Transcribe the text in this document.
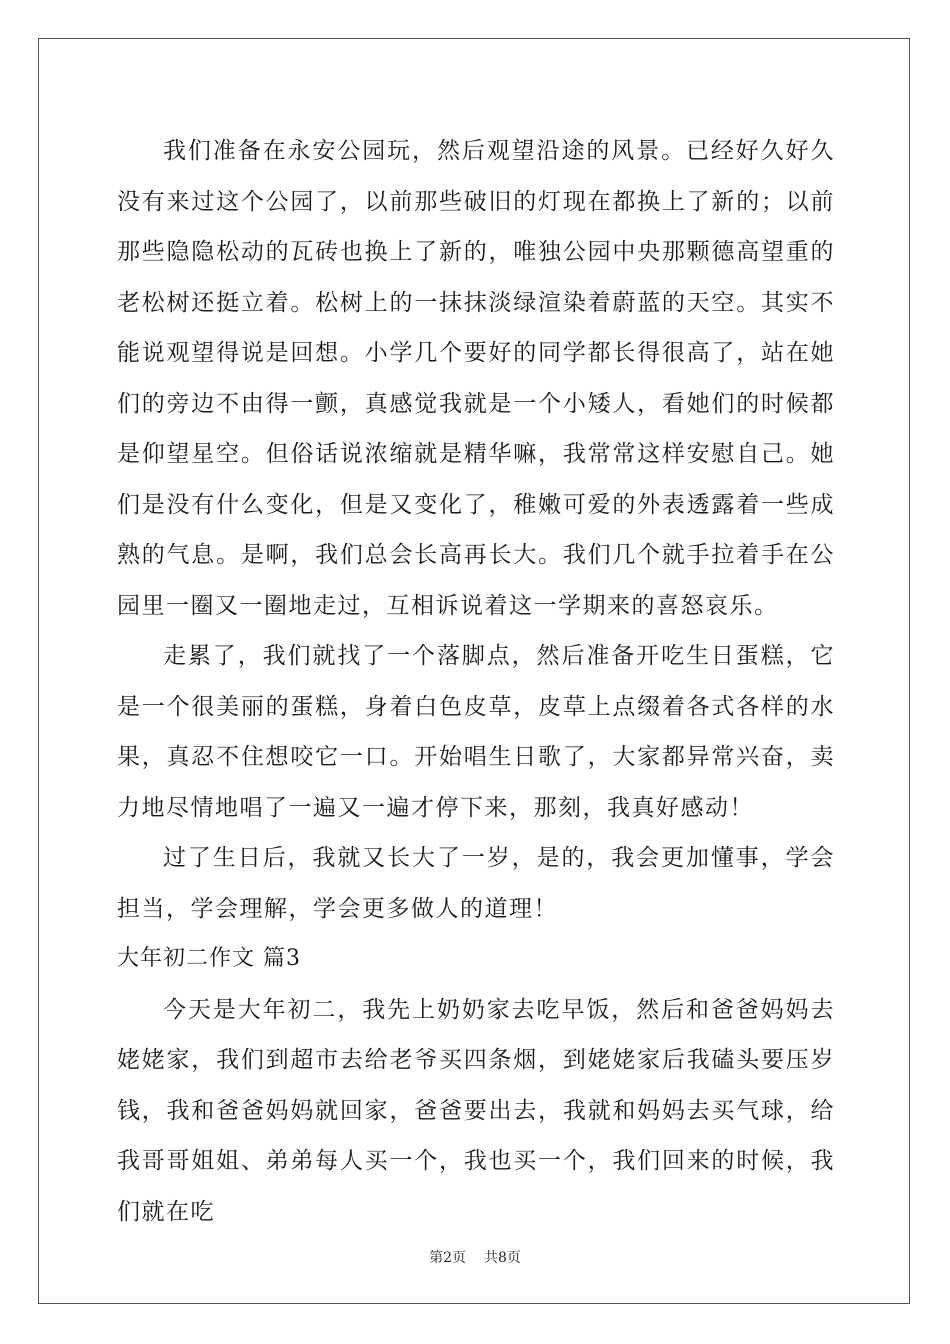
我们准备在永安公园玩，然后观望沿途的风景。已经好久好久没有来过这个公园了，以前那些破旧的灯现在都换上了新的；以前那些隐隐松动的瓦砖也换上了新的，唯独公园中央那颗德高望重的老松树还挺立着。松树上的一抹抹淡绿渲染着蔚蓝的天空。其实不能说观望得说是回想。小学几个要好的同学都长得很高了，站在她们的旁边不由得一颤，真感觉我就是一个小矮人，看她们的时候都是仰望星空。但俗话说浓缩就是精华嘛，我常常这样安慰自己。她们是没有什么变化，但是又变化了，稚嫩可爱的外表透露着一些成熟的气息。是啊，我们总会长高再长大。我们几个就手拉着手在公园里一圈又一圈地走过，互相诉说着这一学期来的喜怒哀乐。

走累了，我们就找了一个落脚点，然后准备开吃生日蛋糕，它是一个很美丽的蛋糕，身着白色皮草，皮草上点缀着各式各样的水果，真忍不住想咬它一口。开始唱生日歌了，大家都异常兴奋，卖力地尽情地唱了一遍又一遍才停下来，那刻，我真好感动！

过了生日后，我就又长大了一岁，是的，我会更加懂事，学会担当，学会理解，学会更多做人的道理！

大年初二作文 篇3

今天是大年初二，我先上奶奶家去吃早饭，然后和爸爸妈妈去姥姥家，我们到超市去给老爷买四条烟，到姥姥家后我磕头要压岁钱，我和爸爸妈妈就回家，爸爸要出去，我就和妈妈去买气球，给我哥哥姐姐、弟弟每人买一个，我也买一个，我们回来的时候，我们就在吃

第2页 共8页
